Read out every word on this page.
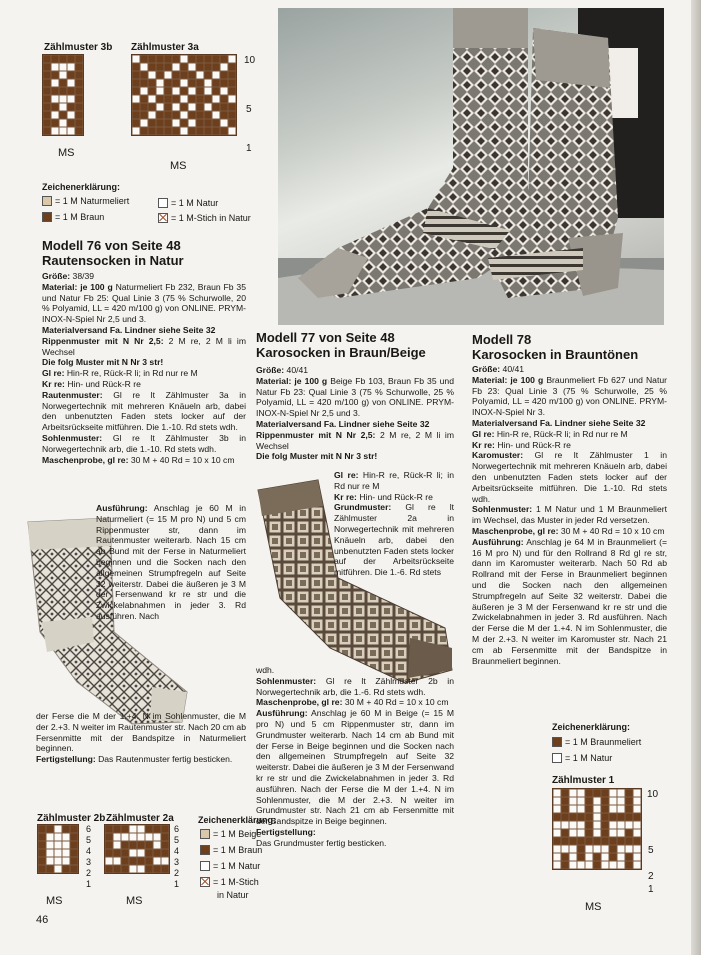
Zählmuster 3b
MS
Zählmuster 3a
10
5
1
MS
Zeichenerklärung:
= 1 M Naturmeliert	= 1 M Natur
= 1 M Braun	= 1 M-Stich in Natur
Modell 76 von Seite 48
Rautensocken in Natur
Größe: 38/39
Material: je 100 g Naturmeliert Fb 232, Braun Fb 35 und Natur Fb 25: Qual Linie 3 (75 % Schurwolle, 20 % Polyamid, LL = 420 m/100 g) von ONLINE. PRYM-INOX-N-Spiel Nr 2,5 und 3.
Materialversand Fa. Lindner siehe Seite 32
Rippenmuster mit N Nr 2,5: 2 M re, 2 M li im Wechsel
Die folg Muster mit N Nr 3 str!
Gl re: Hin-R re, Rück-R li; in Rd nur re M
Kr re: Hin- und Rück-R re
Rautenmuster: Gl re lt Zählmuster 3a in Norwegertechnik mit mehreren Knäueln arb, dabei den unbenutzten Faden stets locker auf der Arbeitsrückseite mitführen. Die 1.-10. Rd stets wdh.
Sohlenmuster: Gl re lt Zählmuster 3b in Norwegertechnik arb, die 1.-10. Rd stets wdh.
Maschenprobe, gl re: 30 M + 40 Rd = 10 x 10 cm
Ausführung: Anschlag je 60 M in Naturmeliert (= 15 M pro N) und 5 cm Rippenmuster str, dann im Rautenmuster weiterarb. Nach 15 cm ab Bund mit der Ferse in Naturmeliert beginnen und die Socken nach den allgemeinen Strumpfregeln auf Seite 32 weiterstr. Dabei die äußeren je 3 M der Fersenwand kr re str und die Zwickelabnahmen in jeder 3. Rd ausführen. Nach
der Ferse die M der 1.+4. N im Sohlenmuster, die M der 2.+3. N weiter im Rautenmuster str. Nach 20 cm ab Fersenmitte mit der Bandspitze in Naturmeliert beginnen.
Fertigstellung: Das Rautenmuster fertig besticken.
Zählmuster 2b
6
5
4
3
2
1
MS
Zählmuster 2a
6
5
4
3
2
1
MS
Zeichenerklärung:
= 1 M Beige
= 1 M Braun
= 1 M Natur
= 1 M-Stich
in Natur
46
Modell 77 von Seite 48
Karosocken in Braun/Beige
Größe: 40/41
Material: je 100 g Beige Fb 103, Braun Fb 35 und Natur Fb 23: Qual Linie 3 (75 % Schurwolle, 25 % Polyamid, LL = 420 m/100 g) von ONLINE. PRYM-INOX-N-Spiel Nr 2,5 und 3.
Materialversand Fa. Lindner siehe Seite 32
Rippenmuster mit N Nr 2,5: 2 M re, 2 M li im Wechsel
Die folg Muster mit N Nr 3 str!
Gl re: Hin-R re, Rück-R li; in Rd nur re M
Kr re: Hin- und Rück-R re
Grundmuster: Gl re lt Zählmuster 2a in Norwegertechnik mit mehreren Knäueln arb, dabei den unbenutzten Faden stets locker auf der Arbeitsrückseite mitführen. Die 1.-6. Rd stets
wdh.
Sohlenmuster: Gl re lt Zählmuster 2b in Norwegertechnik arb, die 1.-6. Rd stets wdh.
Maschenprobe, gl re: 30 M + 40 Rd = 10 x 10 cm
Ausführung: Anschlag je 60 M in Beige (= 15 M pro N) und 5 cm Rippenmuster str, dann im Grundmuster weiterarb. Nach 14 cm ab Bund mit der Ferse in Beige beginnen und die Socken nach den allgemeinen Strumpfregeln auf Seite 32 weiterstr. Dabei die äußeren je 3 M der Fersenwand kr re str und die Zwickelabnahmen in jeder 3. Rd ausführen. Nach der Ferse die M der 1.+4. N im Sohlenmuster, die M der 2.+3. N weiter im Grundmuster str. Nach 21 cm ab Fersenmitte mit der Bandspitze in Beige beginnen.
Fertigstellung:
Das Grundmuster fertig besticken.
Modell 78
Karosocken in Brauntönen
Größe: 40/41
Material: je 100 g Braunmeliert Fb 627 und Natur Fb 23: Qual Linie 3 (75 % Schurwolle, 25 % Polyamid, LL = 420 m/100 g) von ONLINE. PRYM-INOX-N-Spiel Nr 3.
Materialversand Fa. Lindner siehe Seite 32
Gl re: Hin-R re, Rück-R li; in Rd nur re M
Kr re: Hin- und Rück-R re
Karomuster: Gl re lt Zählmuster 1 in Norwegertechnik mit mehreren Knäueln arb, dabei den unbenutzten Faden stets locker auf der Arbeitsrückseite mitführen. Die 1.-10. Rd stets wdh.
Sohlenmuster: 1 M Natur und 1 M Braunmeliert im Wechsel, das Muster in jeder Rd versetzen.
Maschenprobe, gl re: 30 M + 40 Rd = 10 x 10 cm
Ausführung: Anschlag je 64 M in Braunmeliert (= 16 M pro N) und für den Rollrand 8 Rd gl re str, dann im Karomuster weiterarb. Nach 50 Rd ab Rollrand mit der Ferse in Braunmeliert beginnen und die Socken nach den allgemeinen Strumpfregeln auf Seite 32 weiterstr. Dabei die äußeren je 3 M der Fersenwand kr re str und die Zwickelabnahmen in jeder 3. Rd ausführen. Nach der Ferse die M der 1.+4. N im Sohlenmuster, die M der 2.+3. N weiter im Karomuster str. Nach 21 cm ab Fersenmitte mit der Bandspitze in Braunmeliert beginnen.
Zeichenerklärung:
= 1 M Braunmeliert
= 1 M Natur
Zählmuster 1
10
5
2
1
MS
